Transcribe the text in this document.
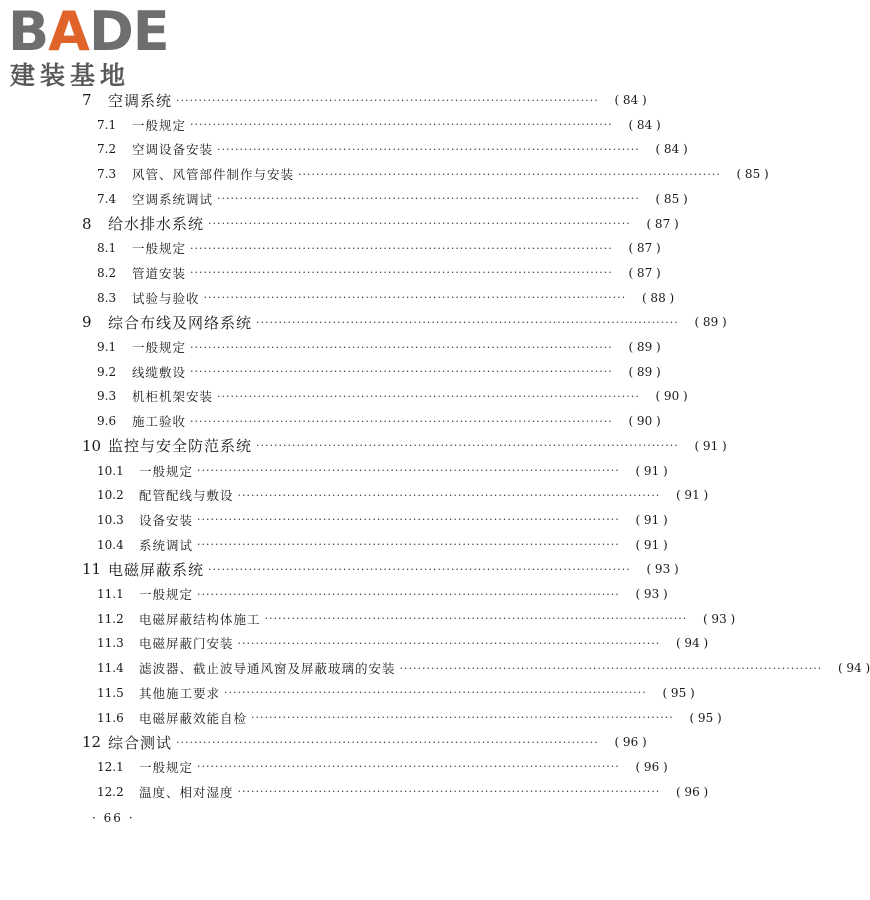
BADE
建装基地
7	空调系统 ······························································································	( 84 )
7.1	一般规定 ······························································································	( 84 )
7.2	空调设备安装 ······························································································	( 84 )
7.3	风管、风管部件制作与安装 ······························································································	( 85 )
7.4	空调系统调试 ······························································································	( 85 )
8	给水排水系统 ······························································································	( 87 )
8.1	一般规定 ······························································································	( 87 )
8.2	管道安装 ······························································································	( 87 )
8.3	试验与验收 ······························································································	( 88 )
9	综合布线及网络系统 ······························································································	( 89 )
9.1	一般规定 ······························································································	( 89 )
9.2	线缆敷设 ······························································································	( 89 )
9.3	机柜机架安装 ······························································································	( 90 )
9.6	施工验收 ······························································································	( 90 )
10 监控与安全防范系统 ······························································································	( 91 )
10.1	一般规定 ······························································································	( 91 )
10.2	配管配线与敷设 ······························································································	( 91 )
10.3	设备安装 ······························································································	( 91 )
10.4	系统调试 ······························································································	( 91 )
11 电磁屏蔽系统 ······························································································	( 93 )
11.1	一般规定 ······························································································	( 93 )
11.2	电磁屏蔽结构体施工 ······························································································	( 93 )
11.3	电磁屏蔽门安装 ······························································································	( 94 )
11.4	滤波器、截止波导通风窗及屏蔽玻璃的安装 ······························································································	( 94 )
11.5	其他施工要求 ······························································································	( 95 )
11.6	电磁屏蔽效能自检 ······························································································	( 95 )
12 综合测试 ······························································································	( 96 )
12.1	一般规定 ······························································································	( 96 )
12.2	温度、相对湿度 ······························································································	( 96 )
· 66 ·
